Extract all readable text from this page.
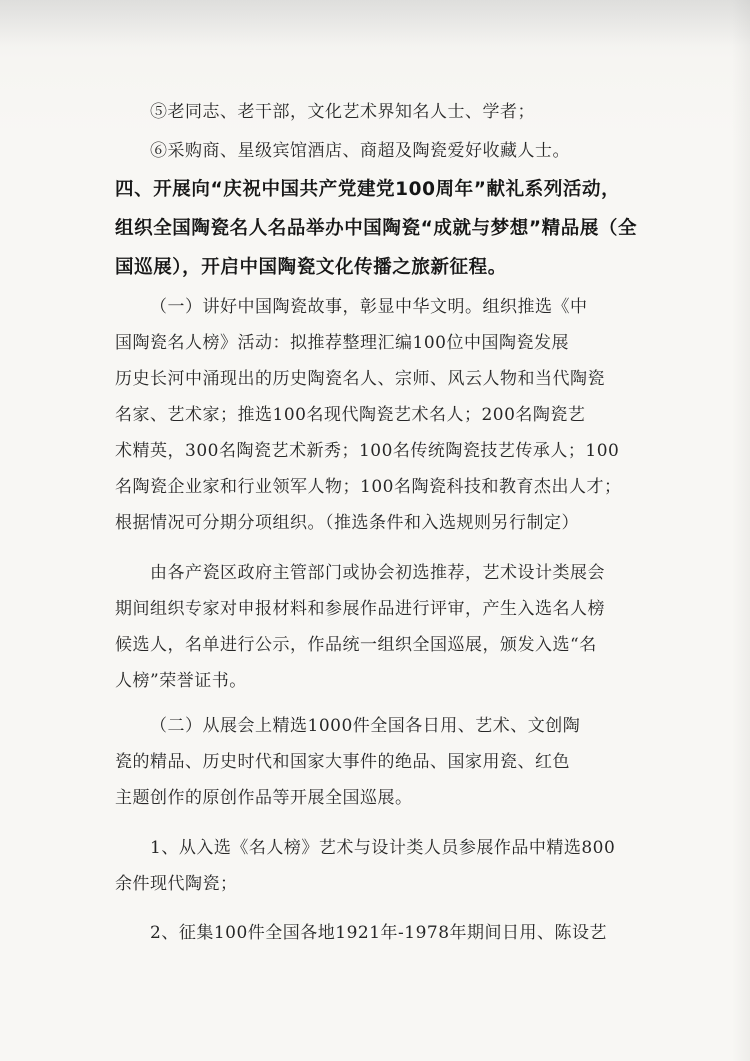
⑤老同志、老干部，文化艺术界知名人士、学者；
⑥采购商、星级宾馆酒店、商超及陶瓷爱好收藏人士。
四、开展向“庆祝中国共产党建党100周年”献礼系列活动，
组织全国陶瓷名人名品举办中国陶瓷“成就与梦想”精品展（全
国巡展），开启中国陶瓷文化传播之旅新征程。
（一）讲好中国陶瓷故事，彰显中华文明。组织推选《中
国陶瓷名人榜》活动：拟推荐整理汇编100位中国陶瓷发展
历史长河中涌现出的历史陶瓷名人、宗师、风云人物和当代陶瓷
名家、艺术家；推选100名现代陶瓷艺术名人；200名陶瓷艺
术精英，300名陶瓷艺术新秀；100名传统陶瓷技艺传承人；100
名陶瓷企业家和行业领军人物；100名陶瓷科技和教育杰出人才；
根据情况可分期分项组织。（推选条件和入选规则另行制定）
由各产瓷区政府主管部门或协会初选推荐，艺术设计类展会
期间组织专家对申报材料和参展作品进行评审，产生入选名人榜
候选人，名单进行公示，作品统一组织全国巡展，颁发入选“名
人榜”荣誉证书。
（二）从展会上精选1000件全国各日用、艺术、文创陶
瓷的精品、历史时代和国家大事件的绝品、国家用瓷、红色
主题创作的原创作品等开展全国巡展。
1、从入选《名人榜》艺术与设计类人员参展作品中精选800
余件现代陶瓷；
2、征集100件全国各地1921年-1978年期间日用、陈设艺
